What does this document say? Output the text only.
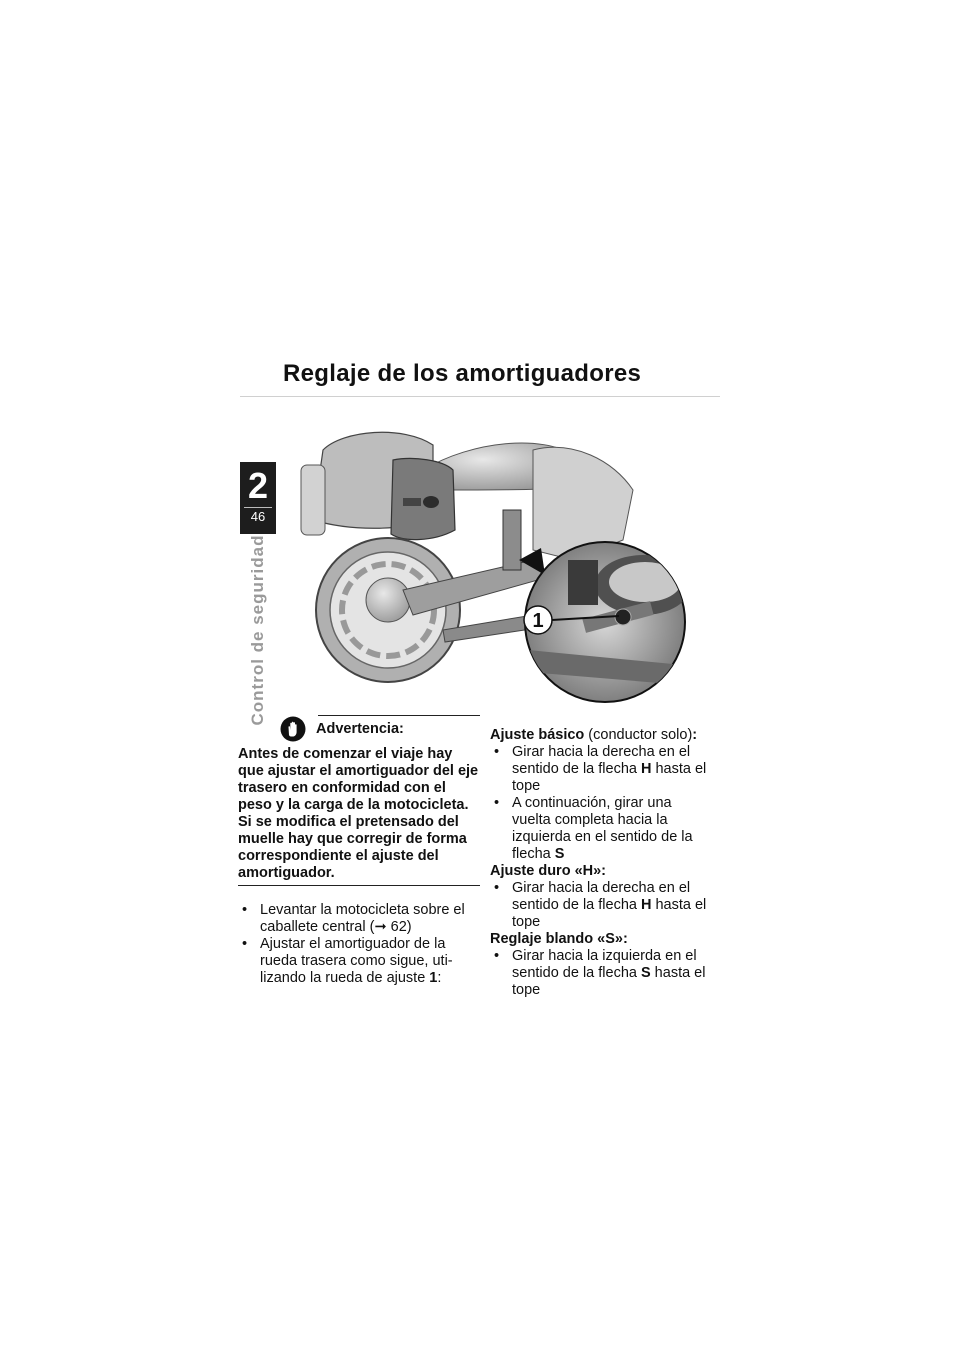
2
46
Control de seguridad
Reglaje de los amortiguadores
1
Advertencia:
Antes de comenzar el viaje hay que ajustar el amortiguador del eje trasero en conformidad con el peso y la carga de la motocicleta.
Si se modifica el pretensado del muelle hay que corregir de forma correspondiente el ajuste del amortiguador.
• Levantar la motocicleta sobre el caballete central (➞ 62)
• Ajustar el amortiguador de la rueda trasera como sigue, uti-lizando la rueda de ajuste 1:
Ajuste básico (conductor solo):
• Girar hacia la derecha en el sentido de la flecha H hasta el tope
• A continuación, girar una vuelta completa hacia la izquierda en el sentido de la flecha S
Ajuste duro «H»:
• Girar hacia la derecha en el sentido de la flecha H hasta el tope
Reglaje blando «S»:
• Girar hacia la izquierda en el sentido de la flecha S hasta el tope
